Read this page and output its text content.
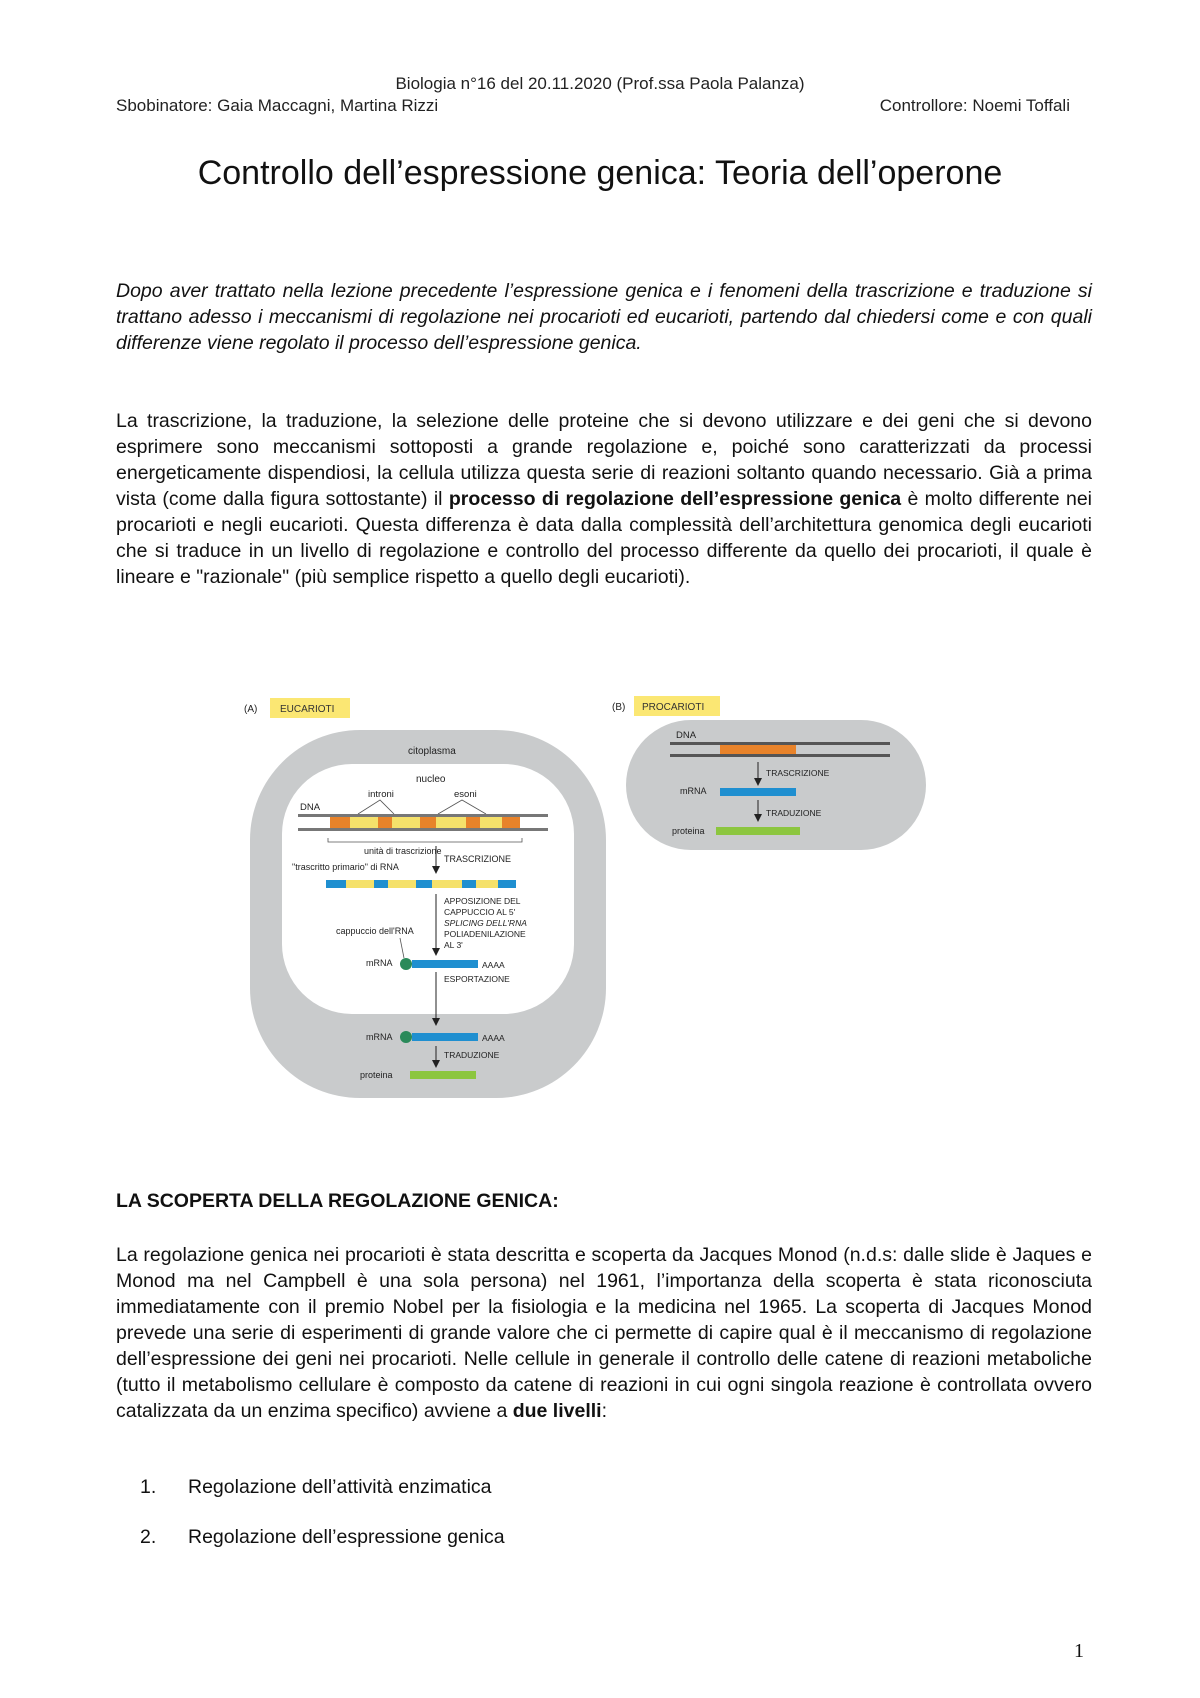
Biologia n°16 del 20.11.2020 (Prof.ssa Paola Palanza)
Sbobinatore: Gaia Maccagni, Martina Rizzi	Controllore: Noemi Toffali
Controllo dell’espressione genica: Teoria dell’operone
Dopo aver trattato nella lezione precedente l’espressione genica e i fenomeni della trascrizione e traduzione si trattano adesso i meccanismi di regolazione nei procarioti ed eucarioti, partendo dal chiedersi come e con quali differenze viene regolato il processo dell’espressione genica.
La trascrizione, la traduzione, la selezione delle proteine che si devono utilizzare e dei geni che si devono esprimere sono meccanismi sottoposti a grande regolazione e, poiché sono caratterizzati da processi energeticamente dispendiosi, la cellula utilizza questa serie di reazioni soltanto quando necessario. Già a prima vista (come dalla figura sottostante) il processo di regolazione dell’espressione genica è molto differente nei procarioti e negli eucarioti. Questa differenza è data dalla complessità dell’architettura genomica degli eucarioti che si traduce in un livello di regolazione e controllo del processo differente da quello dei procarioti, il quale è lineare e "razionale" (più semplice rispetto a quello degli eucarioti).
(A) EUCARIOTI
citoplasma
nucleo
introni	esoni
DNA
unità di trascrizione
TRASCRIZIONE
"trascritto primario" di RNA
APPOSIZIONE DEL
CAPPUCCIO AL 5'
SPLICING DELL'RNA
POLIADENILAZIONE
AL 3'
cappuccio dell'RNA
mRNA	AAAA
ESPORTAZIONE
mRNA	AAAA
TRADUZIONE
proteina
(B) PROCARIOTI
DNA
TRASCRIZIONE
mRNA
TRADUZIONE
proteina
LA SCOPERTA DELLA REGOLAZIONE GENICA:
La regolazione genica nei procarioti è stata descritta e scoperta da Jacques Monod (n.d.s: dalle slide è Jaques e Monod ma nel Campbell è una sola persona) nel 1961, l’importanza della scoperta è stata riconosciuta immediatamente con il premio Nobel per la fisiologia e la medicina nel 1965. La scoperta di Jacques Monod prevede una serie di esperimenti di grande valore che ci permette di capire qual è il meccanismo di regolazione dell’espressione dei geni nei procarioti. Nelle cellule in generale il controllo delle catene di reazioni metaboliche (tutto il metabolismo cellulare è composto da catene di reazioni in cui ogni singola reazione è controllata ovvero catalizzata da un enzima specifico) avviene a due livelli:
1.	Regolazione dell’attività enzimatica
2.	Regolazione dell’espressione genica
1
